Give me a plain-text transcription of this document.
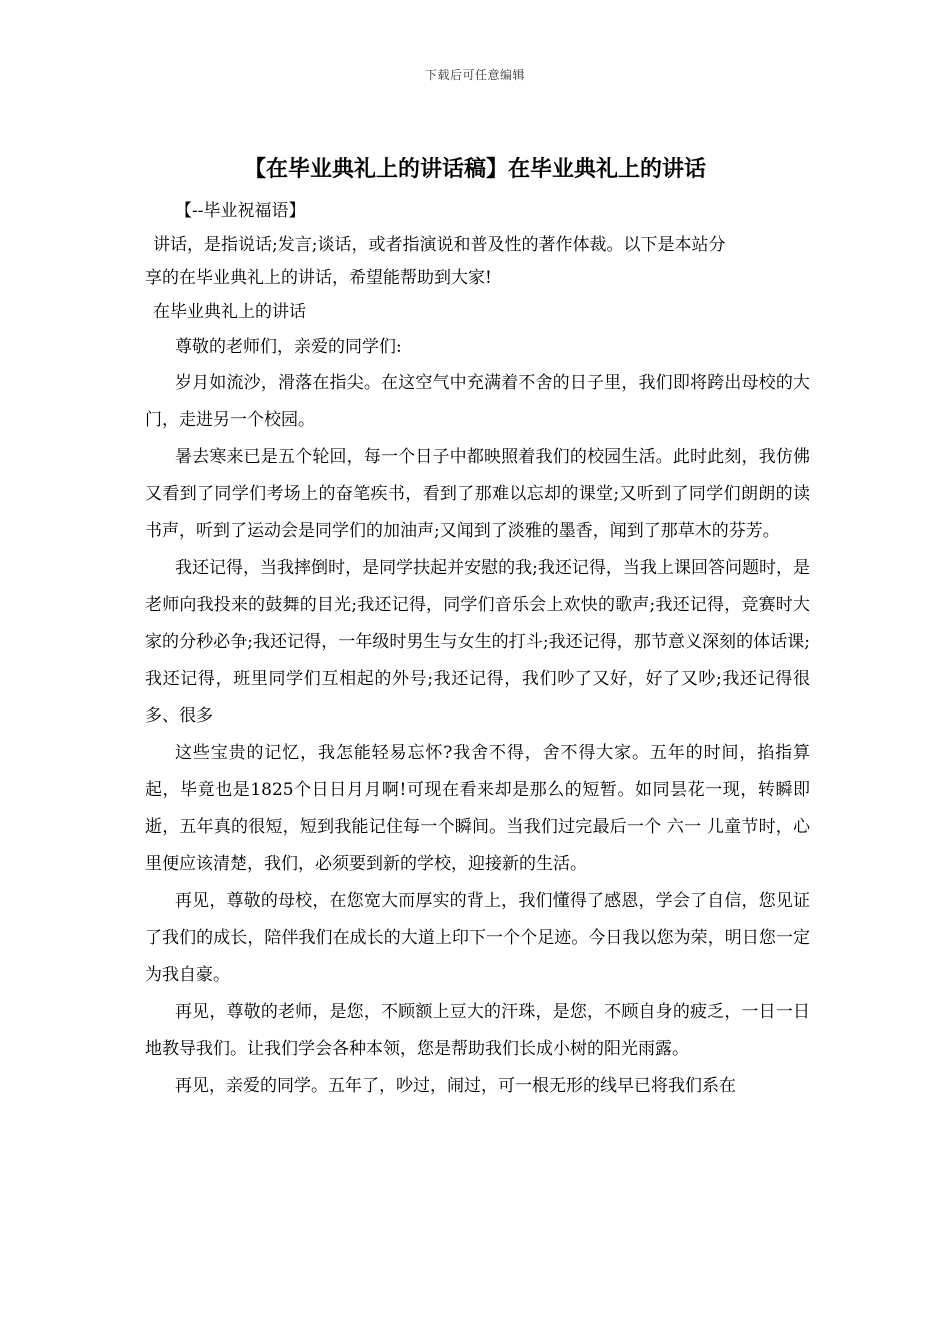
下载后可任意编辑
【在毕业典礼上的讲话稿】在毕业典礼上的讲话
【--毕业祝福语】
讲话，是指说话;发言;谈话，或者指演说和普及性的著作体裁。以下是本站分
享的在毕业典礼上的讲话，希望能帮助到大家!
在毕业典礼上的讲话
尊敬的老师们，亲爱的同学们:

岁月如流沙，滑落在指尖。在这空气中充满着不舍的日子里，我们即将跨出母校的大门，走进另一个校园。

暑去寒来已是五个轮回，每一个日子中都映照着我们的校园生活。此时此刻，我仿佛又看到了同学们考场上的奋笔疾书，看到了那难以忘却的课堂;又听到了同学们朗朗的读书声，听到了运动会是同学们的加油声;又闻到了淡雅的墨香，闻到了那草木的芬芳。

我还记得，当我摔倒时，是同学扶起并安慰的我;我还记得，当我上课回答问题时，是老师向我投来的鼓舞的目光;我还记得，同学们音乐会上欢快的歌声;我还记得，竞赛时大家的分秒必争;我还记得，一年级时男生与女生的打斗;我还记得，那节意义深刻的体话课;我还记得，班里同学们互相起的外号;我还记得，我们吵了又好，好了又吵;我还记得很多、很多

这些宝贵的记忆，我怎能轻易忘怀?我舍不得，舍不得大家。五年的时间，掐指算起，毕竟也是1825个日日月月啊!可现在看来却是那么的短暂。如同昙花一现，转瞬即逝，五年真的很短，短到我能记住每一个瞬间。当我们过完最后一个 六一 儿童节时，心里便应该清楚，我们，必须要到新的学校，迎接新的生活。

再见，尊敬的母校，在您宽大而厚实的背上，我们懂得了感恩，学会了自信，您见证了我们的成长，陪伴我们在成长的大道上印下一个个足迹。今日我以您为荣，明日您一定为我自豪。

再见，尊敬的老师，是您，不顾额上豆大的汗珠，是您，不顾自身的疲乏，一日一日地教导我们。让我们学会各种本领，您是帮助我们长成小树的阳光雨露。

再见，亲爱的同学。五年了，吵过，闹过，可一根无形的线早已将我们系在
